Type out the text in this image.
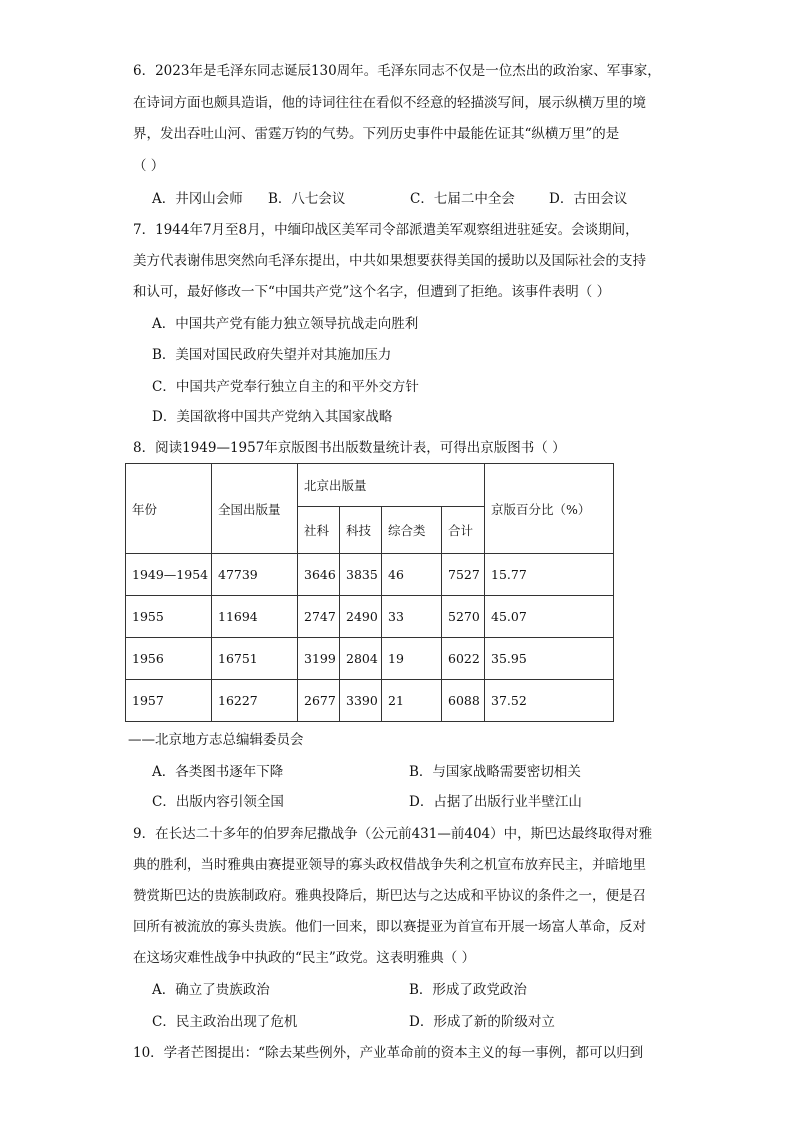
6．2023年是毛泽东同志诞辰130周年。毛泽东同志不仅是一位杰出的政治家、军事家，
在诗词方面也颇具造诣，他的诗词往往在看似不经意的轻描淡写间，展示纵横万里的境
界，发出吞吐山河、雷霆万钧的气势。下列历史事件中最能佐证其“纵横万里”的是
（ ）
A．井冈山会师 B．八七会议	C．七届二中全会	D．古田会议
7．1944年7月至8月，中缅印战区美军司令部派遣美军观察组进驻延安。会谈期间，
美方代表谢伟思突然向毛泽东提出，中共如果想要获得美国的援助以及国际社会的支持
和认可，最好修改一下“中国共产党”这个名字，但遭到了拒绝。该事件表明（ ）
A．中国共产党有能力独立领导抗战走向胜利
B．美国对国民政府失望并对其施加压力
C．中国共产党奉行独立自主的和平外交方针
D．美国欲将中国共产党纳入其国家战略
8．阅读1949—1957年京版图书出版数量统计表，可得出京版图书（ ）
年份	全国出版量	北京出版量				京版百分比（%）
		社科	科技	综合类	合计	
1949—1954	47739	3646	3835	46	7527	15.77
1955	11694	2747	2490	33	5270	45.07
1956	16751	3199	2804	19	6022	35.95
1957	16227	2677	3390	21	6088	37.52
——北京地方志总编辑委员会
A．各类图书逐年下降	B．与国家战略需要密切相关
C．出版内容引领全国	D．占据了出版行业半壁江山
9．在长达二十多年的伯罗奔尼撒战争（公元前431—前404）中，斯巴达最终取得对雅
典的胜利，当时雅典由赛提亚领导的寡头政权借战争失利之机宣布放弃民主，并暗地里
赞赏斯巴达的贵族制政府。雅典投降后，斯巴达与之达成和平协议的条件之一，便是召
回所有被流放的寡头贵族。他们一回来，即以赛提亚为首宣布开展一场富人革命，反对
在这场灾难性战争中执政的“民主”政党。这表明雅典（ ）
A．确立了贵族政治	B．形成了政党政治
C．民主政治出现了危机	D．形成了新的阶级对立
10．学者芒图提出：“除去某些例外，产业革命前的资本主义的每一事例，都可以归到
